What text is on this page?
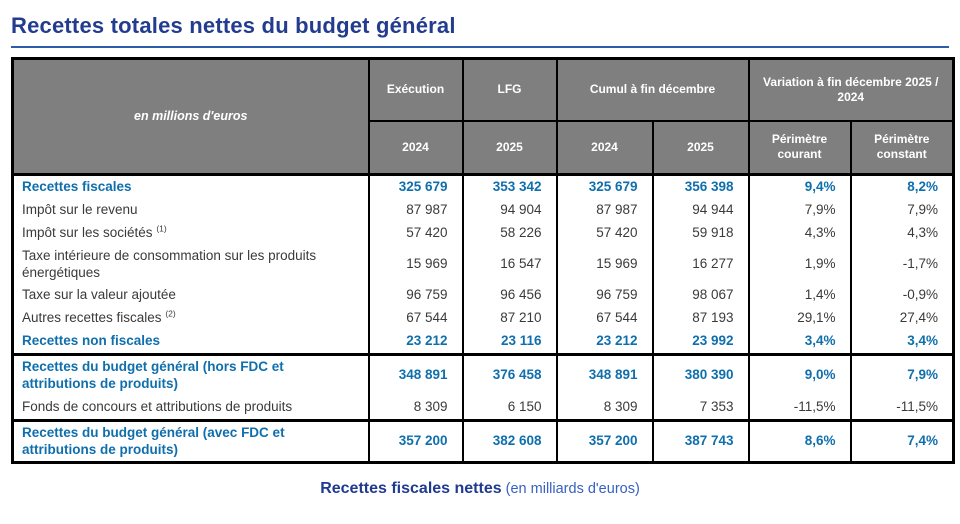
Recettes totales nettes du budget général
en millions d'euros	Exécution	LFG	Cumul à fin décembre		Variation à fin décembre 2025 / 2024	
	2024	2025	2024	2025	Périmètre courant	Périmètre constant
Recettes fiscales	325 679	353 342	325 679	356 398	9,4%	8,2%
Impôt sur le revenu	87 987	94 904	87 987	94 944	7,9%	7,9%
Impôt sur les sociétés $^{(1)}$	57 420	58 226	57 420	59 918	4,3%	4,3%
Taxe intérieure de consommation sur les produits énergétiques	15 969	16 547	15 969	16 277	1,9%	-1,7%
Taxe sur la valeur ajoutée	96 759	96 456	96 759	98 067	1,4%	-0,9%
Autres recettes fiscales $^{(2)}$	67 544	87 210	67 544	87 193	29,1%	27,4%
Recettes non fiscales	23 212	23 116	23 212	23 992	3,4%	3,4%
Recettes du budget général (hors FDC et attributions de produits)	348 891	376 458	348 891	380 390	9,0%	7,9%
Fonds de concours et attributions de produits	8 309	6 150	8 309	7 353	-11,5%	-11,5%
Recettes du budget général (avec FDC et attributions de produits)	357 200	382 608	357 200	387 743	8,6%	7,4%
Recettes fiscales nettes (en milliards d'euros)
